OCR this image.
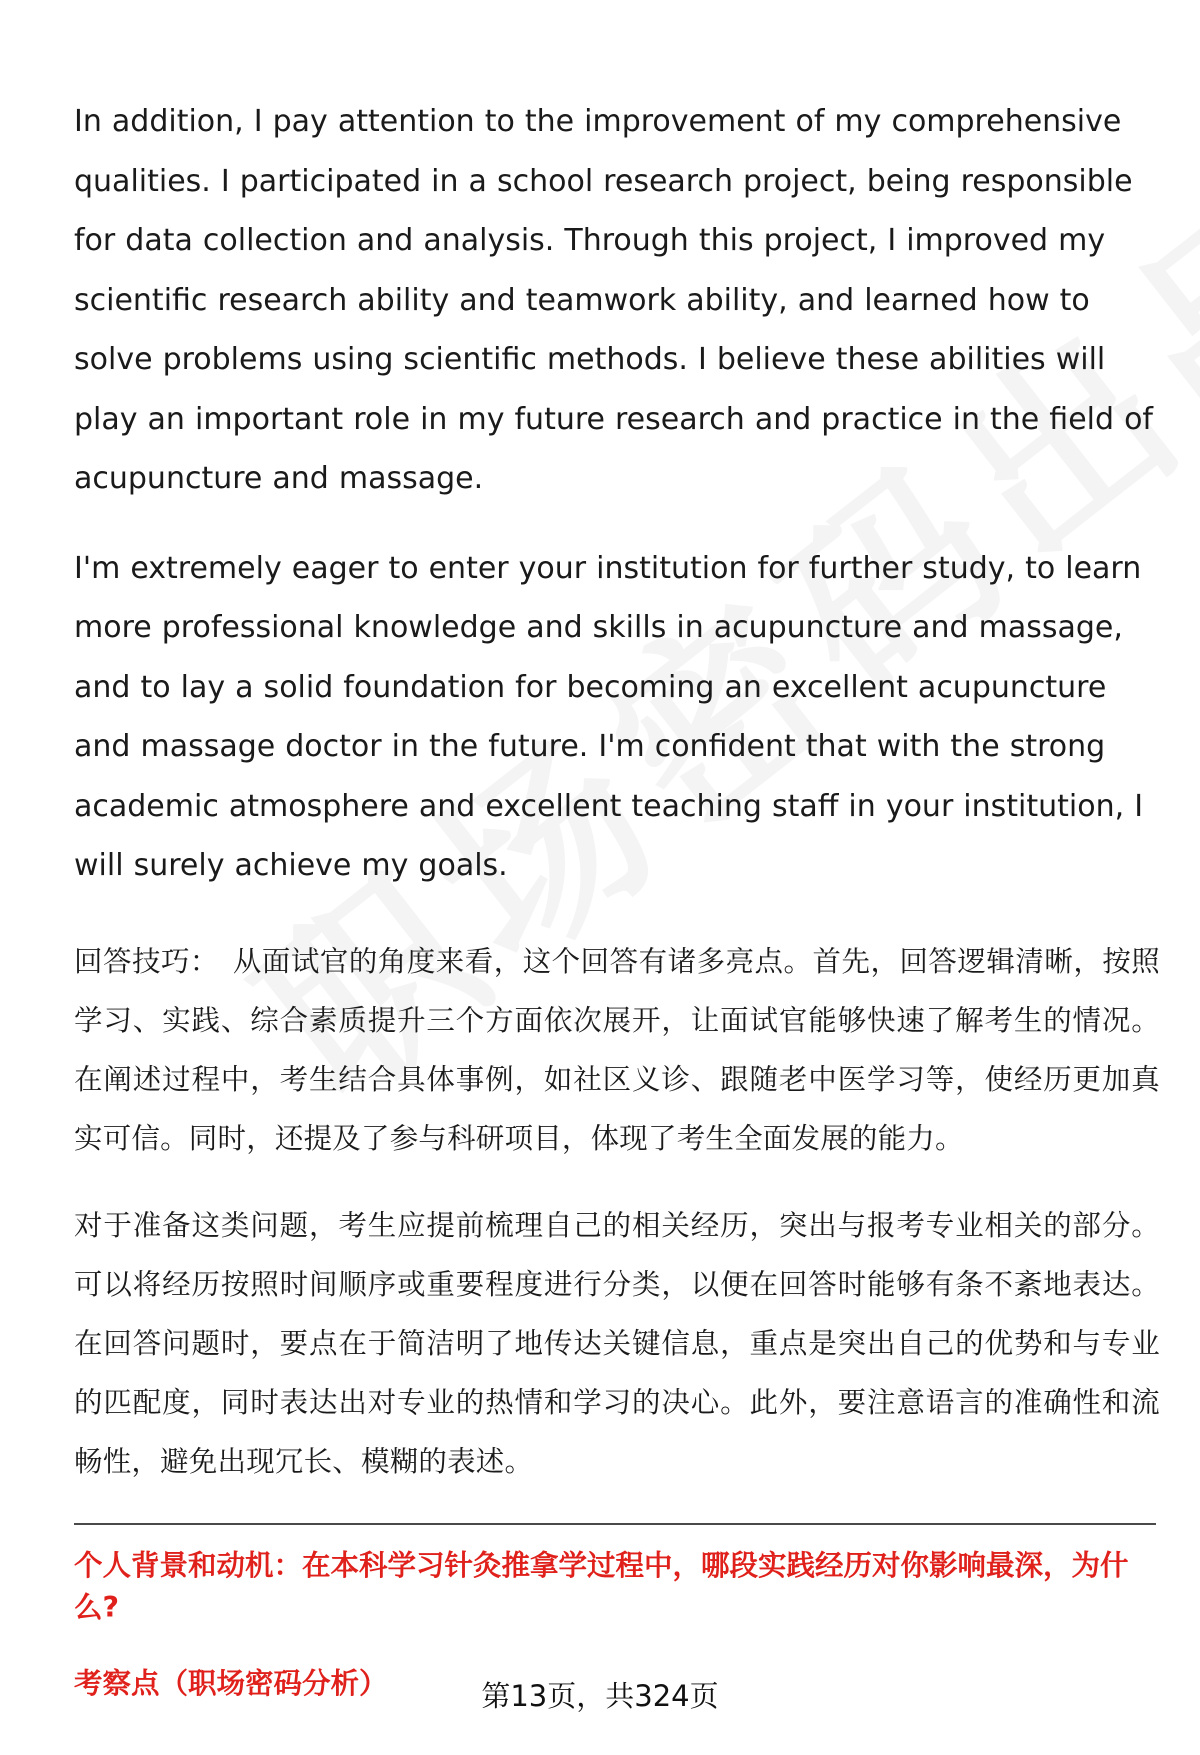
In addition, I pay attention to the improvement of my comprehensive qualities. I participated in a school research project, being responsible for data collection and analysis. Through this project, I improved my scientific research ability and teamwork ability, and learned how to solve problems using scientific methods. I believe these abilities will play an important role in my future research and practice in the field of acupuncture and massage.

I'm extremely eager to enter your institution for further study, to learn more professional knowledge and skills in acupuncture and massage, and to lay a solid foundation for becoming an excellent acupuncture and massage doctor in the future. I'm confident that with the strong academic atmosphere and excellent teaching staff in your institution, I will surely achieve my goals.

回答技巧： 从面试官的角度来看，这个回答有诸多亮点。首先，回答逻辑清晰，按照学习、实践、综合素质提升三个方面依次展开，让面试官能够快速了解考生的情况。在阐述过程中，考生结合具体事例，如社区义诊、跟随老中医学习等，使经历更加真实可信。同时，还提及了参与科研项目，体现了考生全面发展的能力。

对于准备这类问题，考生应提前梳理自己的相关经历，突出与报考专业相关的部分。可以将经历按照时间顺序或重要程度进行分类，以便在回答时能够有条不紊地表达。在回答问题时，要点在于简洁明了地传达关键信息，重点是突出自己的优势和与专业的匹配度，同时表达出对专业的热情和学习的决心。此外，要注意语言的准确性和流畅性，避免出现冗长、模糊的表述。

个人背景和动机：在本科学习针灸推拿学过程中，哪段实践经历对你影响最深，为什么?

考察点（职场密码分析）	第13页，共324页
